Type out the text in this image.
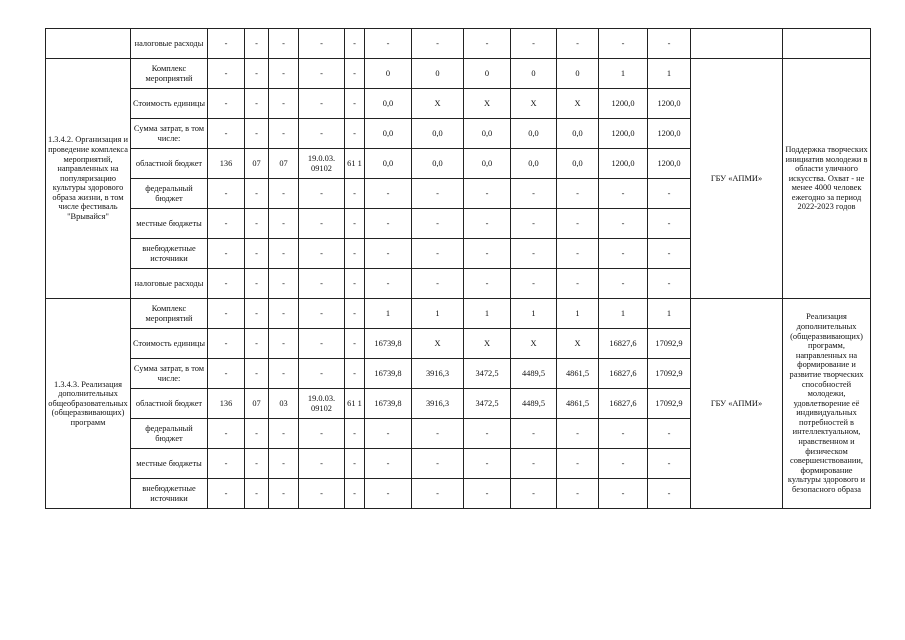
	налоговые расходы	-	-	-	-	-	-	-	-	-	-	-	-		
1.3.4.2. Организация и проведение комплекса мероприятий, направленных на популяризацию культуры здорового образа жизни, в том числе фестиваль "Врывайся"	Комплекс мероприятий	-	-	-	-	-	0	0	0	0	0	1	1	ГБУ «АПМИ»	Поддержка творческих инициатив молодежи в области уличного искусства. Охват - не менее 4000 человек ежегодно за период 2022-2023 годов
	Стоимость единицы	-	-	-	-	-	0,0	Х	Х	Х	Х	1200,0	1200,0		
	Сумма затрат, в том числе:	-	-	-	-	-	0,0	0,0	0,0	0,0	0,0	1200,0	1200,0		
	областной бюджет	136	07	07	19.0.03. 09102	61 1	0,0	0,0	0,0	0,0	0,0	1200,0	1200,0		
	федеральный бюджет	-	-	-	-	-	-	-	-	-	-	-	-		
	местные бюджеты	-	-	-	-	-	-	-	-	-	-	-	-		
	внебюджетные источники	-	-	-	-	-	-	-	-	-	-	-	-		
	налоговые расходы	-	-	-	-	-	-	-	-	-	-	-	-		
1.3.4.3. Реализация дополнительных общеобразовательных (общеразвивающих) программ	Комплекс мероприятий	-	-	-	-	-	1	1	1	1	1	1	1	ГБУ «АПМИ»	Реализация дополнительных (общеразвивающих) программ, направленных на формирование и развитие творческих способностей молодежи, удовлетворение её индивидуальных потребностей в интеллектуальном, нравственном и физическом совершенствовании, формирование культуры здорового и безопасного образа
	Стоимость единицы	-	-	-	-	-	16739,8	Х	Х	Х	Х	16827,6	17092,9		
	Сумма затрат, в том числе:	-	-	-	-	-	16739,8	3916,3	3472,5	4489,5	4861,5	16827,6	17092,9		
	областной бюджет	136	07	03	19.0.03. 09102	61 1	16739,8	3916,3	3472,5	4489,5	4861,5	16827,6	17092,9		
	федеральный бюджет	-	-	-	-	-	-	-	-	-	-	-	-		
	местные бюджеты	-	-	-	-	-	-	-	-	-	-	-	-		
	внебюджетные источники	-	-	-	-	-	-	-	-	-	-	-	-		
